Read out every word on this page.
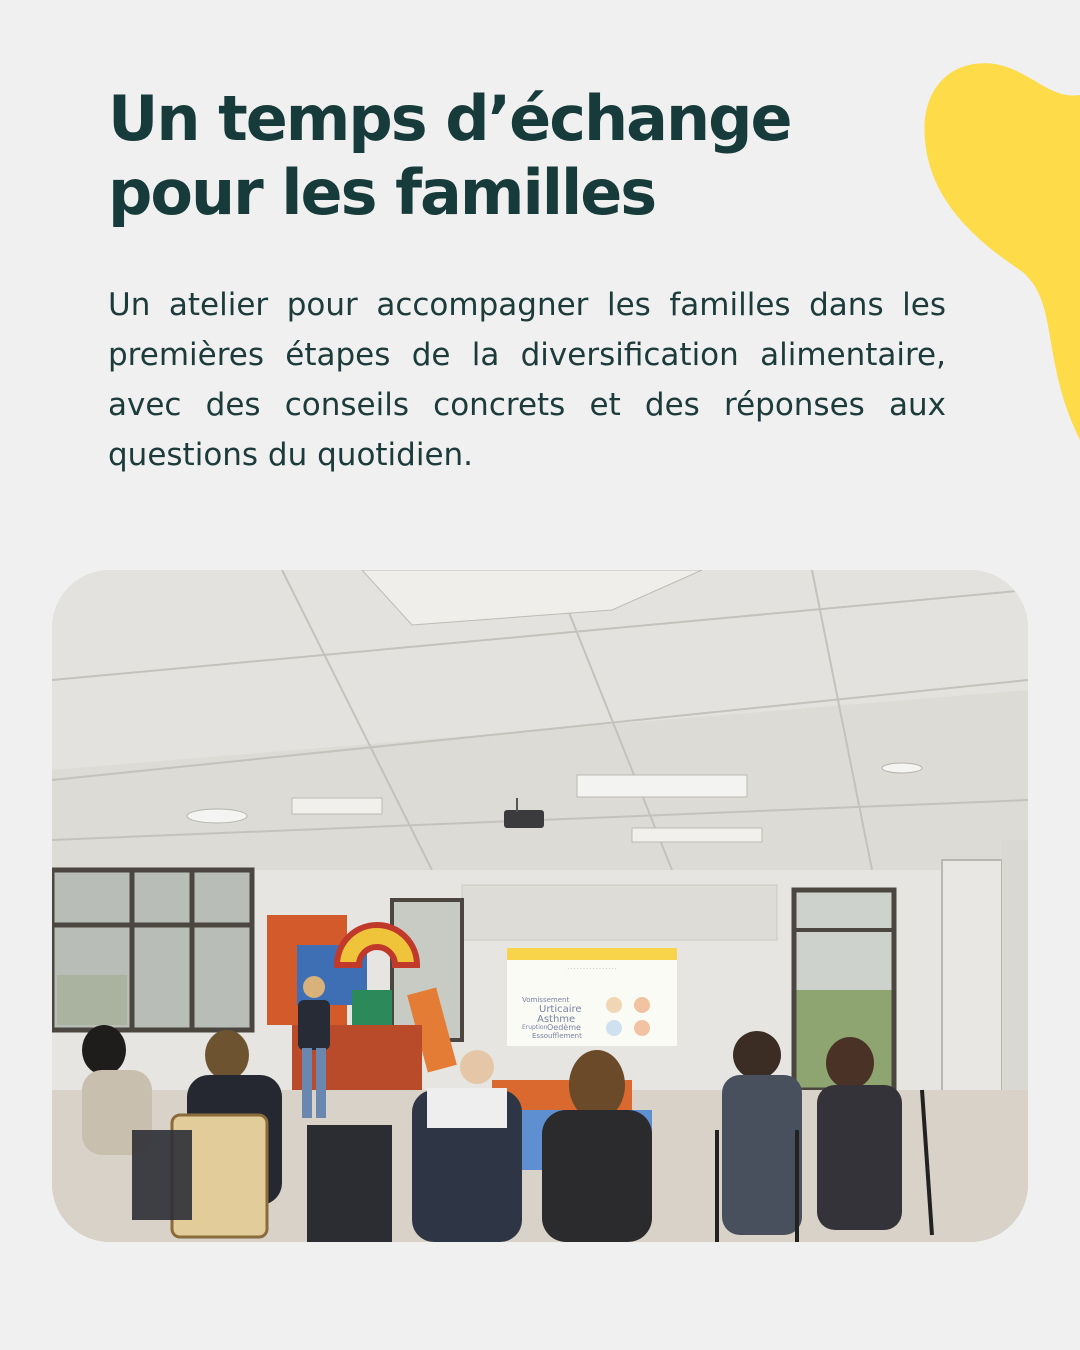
Un temps d’échange
pour les familles

Un atelier pour accompagner les familles dans les premières étapes de la diversification alimentaire, avec des conseils concrets et des réponses aux questions du quotidien.

· · · · · · · · · · · · · · · ·
Vomissement
Urticaire
Asthme
Eruption Oedème
Essoufflement
